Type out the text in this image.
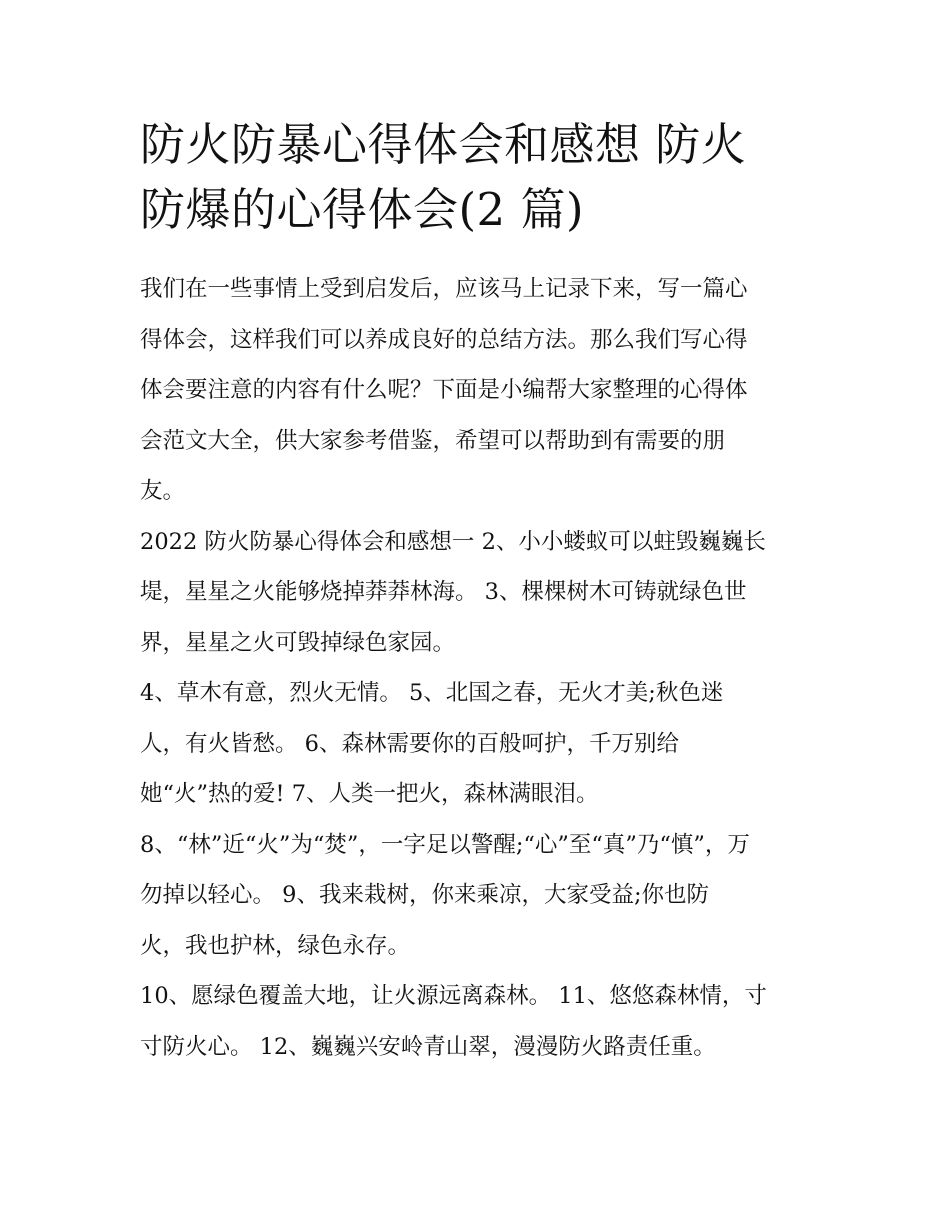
防火防暴心得体会和感想 防火
防爆的心得体会(2 篇)

我们在一些事情上受到启发后，应该马上记录下来，写一篇心
得体会，这样我们可以养成良好的总结方法。那么我们写心得
体会要注意的内容有什么呢？下面是小编帮大家整理的心得体
会范文大全，供大家参考借鉴，希望可以帮助到有需要的朋
友。

2022 防火防暴心得体会和感想一 2、小小蝼蚁可以蛀毁巍巍长
堤，星星之火能够烧掉莽莽林海。 3、棵棵树木可铸就绿色世
界，星星之火可毁掉绿色家园。

4、草木有意，烈火无情。 5、北国之春，无火才美;秋色迷
人，有火皆愁。 6、森林需要你的百般呵护，千万别给
她“火”热的爱! 7、人类一把火，森林满眼泪。

8、“林”近“火”为“焚”，一字足以警醒;“心”至“真”乃“慎”，万
勿掉以轻心。 9、我来栽树，你来乘凉，大家受益;你也防
火，我也护林，绿色永存。

10、愿绿色覆盖大地，让火源远离森林。 11、悠悠森林情，寸
寸防火心。 12、巍巍兴安岭青山翠，漫漫防火路责任重。
